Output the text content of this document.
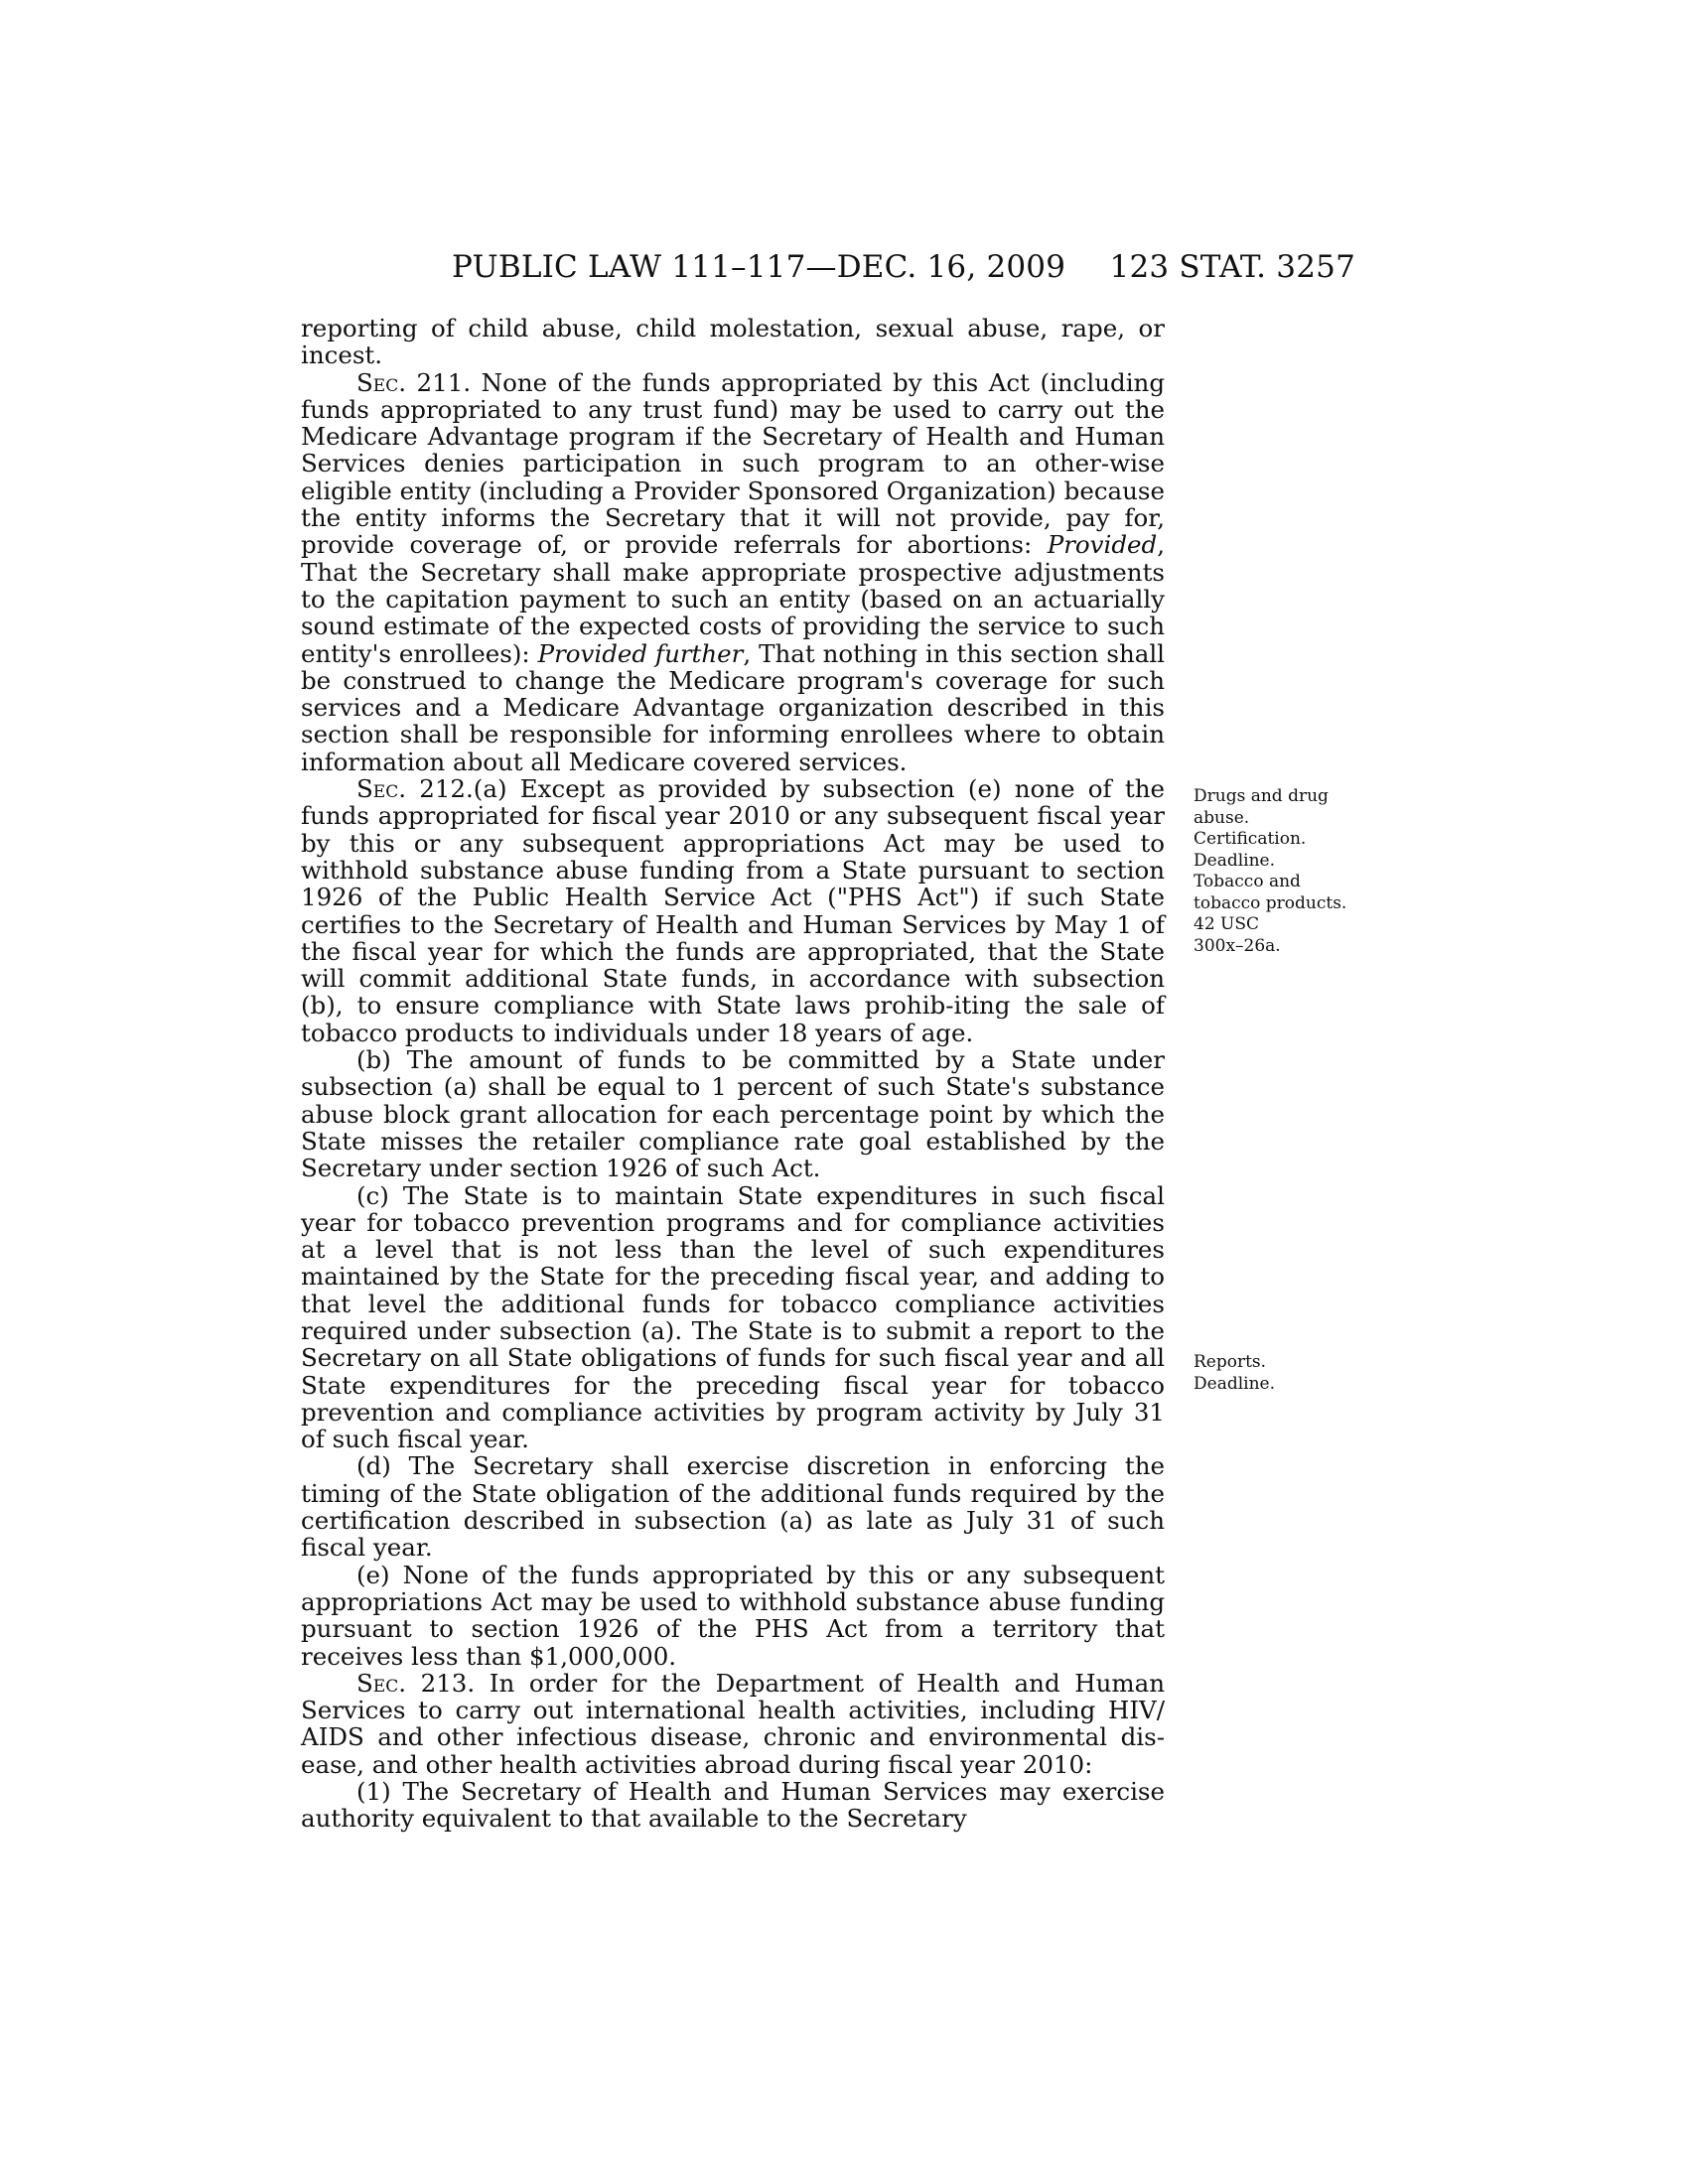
PUBLIC LAW 111–117—DEC. 16, 2009 123 STAT. 3257

reporting of child abuse, child molestation, sexual abuse, rape, or incest.

Sec. 211. None of the funds appropriated by this Act (including funds appropriated to any trust fund) may be used to carry out the Medicare Advantage program if the Secretary of Health and Human Services denies participation in such program to an other-wise eligible entity (including a Provider Sponsored Organization) because the entity informs the Secretary that it will not provide, pay for, provide coverage of, or provide referrals for abortions: Provided, That the Secretary shall make appropriate prospective adjustments to the capitation payment to such an entity (based on an actuarially sound estimate of the expected costs of providing the service to such entity's enrollees): Provided further, That nothing in this section shall be construed to change the Medicare program's coverage for such services and a Medicare Advantage organization described in this section shall be responsible for informing enrollees where to obtain information about all Medicare covered services.

Sec. 212.(a) Except as provided by subsection (e) none of the funds appropriated for fiscal year 2010 or any subsequent fiscal year by this or any subsequent appropriations Act may be used to withhold substance abuse funding from a State pursuant to section 1926 of the Public Health Service Act ("PHS Act") if such State certifies to the Secretary of Health and Human Services by May 1 of the fiscal year for which the funds are appropriated, that the State will commit additional State funds, in accordance with subsection (b), to ensure compliance with State laws prohib-iting the sale of tobacco products to individuals under 18 years of age.

(b) The amount of funds to be committed by a State under subsection (a) shall be equal to 1 percent of such State's substance abuse block grant allocation for each percentage point by which the State misses the retailer compliance rate goal established by the Secretary under section 1926 of such Act.

(c) The State is to maintain State expenditures in such fiscal year for tobacco prevention programs and for compliance activities at a level that is not less than the level of such expenditures maintained by the State for the preceding fiscal year, and adding to that level the additional funds for tobacco compliance activities required under subsection (a). The State is to submit a report to the Secretary on all State obligations of funds for such fiscal year and all State expenditures for the preceding fiscal year for tobacco prevention and compliance activities by program activity by July 31 of such fiscal year.

(d) The Secretary shall exercise discretion in enforcing the timing of the State obligation of the additional funds required by the certification described in subsection (a) as late as July 31 of such fiscal year.

(e) None of the funds appropriated by this or any subsequent appropriations Act may be used to withhold substance abuse funding pursuant to section 1926 of the PHS Act from a territory that receives less than $1,000,000.

Sec. 213. In order for the Department of Health and Human Services to carry out international health activities, including HIV/ AIDS and other infectious disease, chronic and environmental dis-ease, and other health activities abroad during fiscal year 2010:

(1) The Secretary of Health and Human Services may exercise authority equivalent to that available to the Secretary

Drugs and drug
abuse.
Certification.
Deadline.
Tobacco and
tobacco products.
42 USC
300x–26a.
Reports.
Deadline.
